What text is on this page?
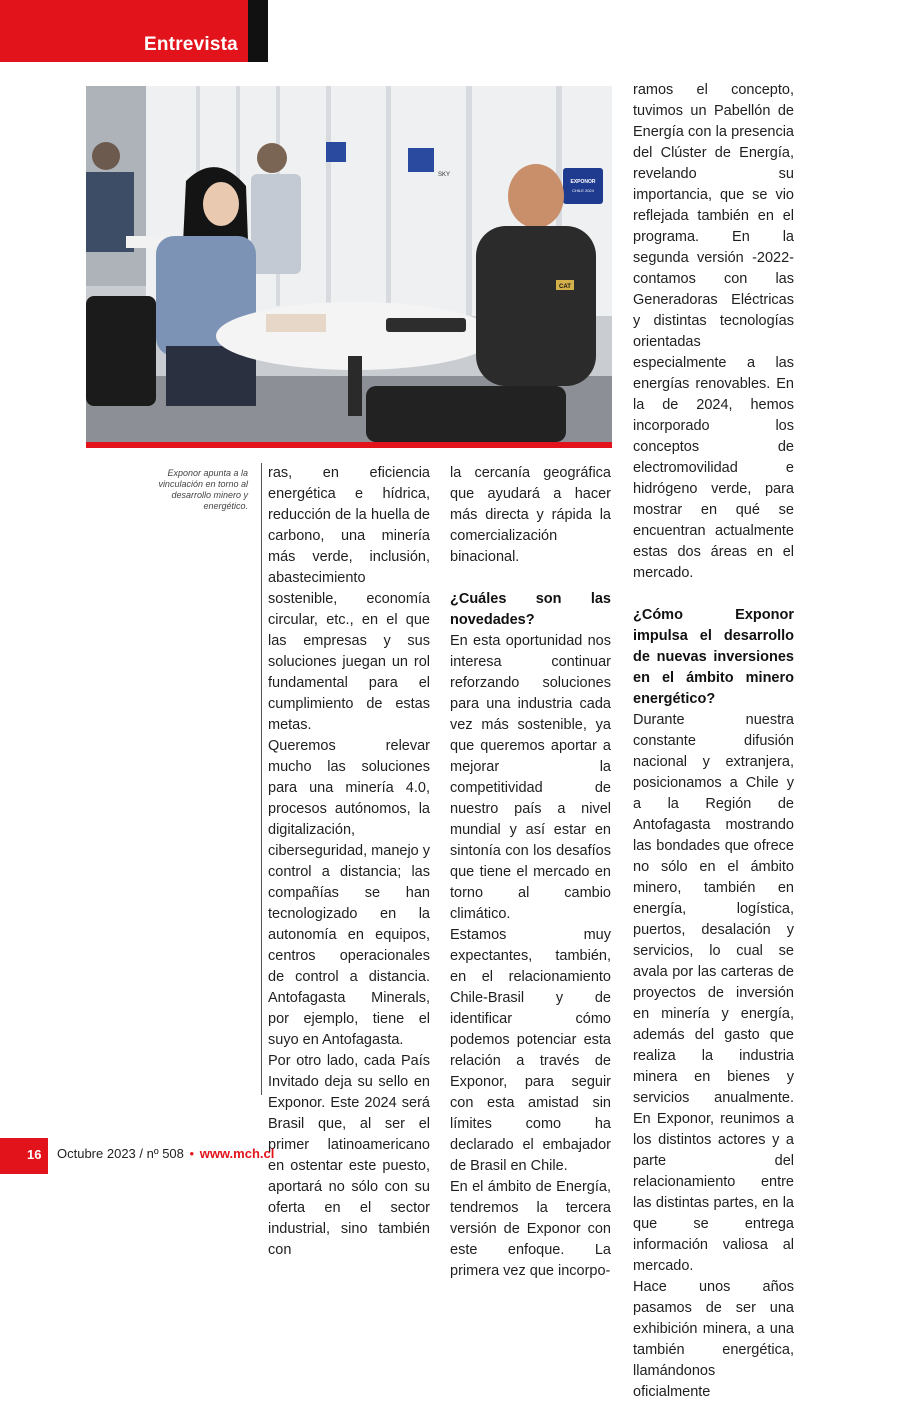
Entrevista
EXPONOR
CHILE 2024
SKY
CAT
Foto: Gentileza Exponor.
Exponor apunta a la vinculación en torno al desarrollo minero y energético.

ras, en eficiencia energética e hídrica, reducción de la huella de carbono, una minería más verde, inclusión, abastecimiento sostenible, economía circular, etc., en el que las empresas y sus soluciones juegan un rol fundamental para el cumplimiento de estas metas.

Queremos relevar mucho las soluciones para una minería 4.0, procesos autónomos, la digitalización, ciberseguridad, manejo y control a distancia; las compañías se han tecnologizado en la autonomía en equipos, centros operacionales de control a distancia. Antofagasta Minerals, por ejemplo, tiene el suyo en Antofagasta.

Por otro lado, cada País Invitado deja su sello en Exponor. Este 2024 será Brasil que, al ser el primer latinoamericano en ostentar este puesto, aportará no sólo con su oferta en el sector industrial, sino también con

la cercanía geográfica que ayudará a hacer más directa y rápida la comercialización binacional.

¿Cuáles son las novedades?

En esta oportunidad nos interesa continuar reforzando soluciones para una industria cada vez más sostenible, ya que queremos aportar a mejorar la competitividad de nuestro país a nivel mundial y así estar en sintonía con los desafíos que tiene el mercado en torno al cambio climático.

Estamos muy expectantes, también, en el relacionamiento Chile-Brasil y de identificar cómo podemos potenciar esta relación a través de Exponor, para seguir con esta amistad sin límites como ha declarado el embajador de Brasil en Chile.

En el ámbito de Energía, tendremos la tercera versión de Exponor con este enfoque. La primera vez que incorpo-

ramos el concepto, tuvimos un Pabellón de Energía con la presencia del Clúster de Energía, revelando su importancia, que se vio reflejada también en el programa. En la segunda versión -2022- contamos con las Generadoras Eléctricas y distintas tecnologías orientadas especialmente a las energías renovables. En la de 2024, hemos incorporado los conceptos de electromovilidad e hidrógeno verde, para mostrar en qué se encuentran actualmente estas dos áreas en el mercado.

¿Cómo Exponor impulsa el desarrollo de nuevas inversiones en el ámbito minero energético?

Durante nuestra constante difusión nacional y extranjera, posicionamos a Chile y a la Región de Antofagasta mostrando las bondades que ofrece no sólo en el ámbito minero, también en energía, logística, puertos, desalación y servicios, lo cual se avala por las carteras de proyectos de inversión en minería y energía, además del gasto que realiza la industria minera en bienes y servicios anualmente. En Exponor, reunimos a los distintos actores y a parte del relacionamiento entre las distintas partes, en la que se entrega información valiosa al mercado.

Hace unos años pasamos de ser una exhibición minera, a una también energética, llamándonos oficialmente

16 Octubre 2023 / nº 508 • www.mch.cl
